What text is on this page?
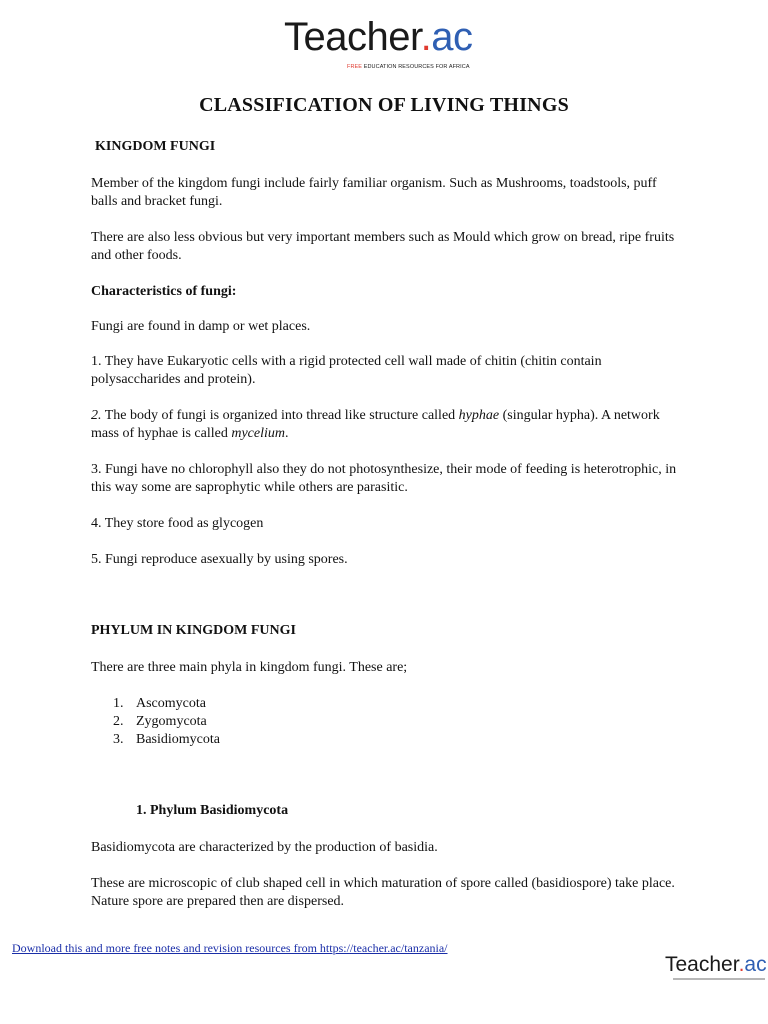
Teacher.ac
FREE EDUCATION RESOURCES FOR AFRICA
CLASSIFICATION OF LIVING THINGS
KINGDOM FUNGI
Member of the kingdom fungi include fairly familiar organism. Such as Mushrooms, toadstools, puff balls and bracket fungi.
There are also less obvious but very important members such as Mould which grow on bread, ripe fruits and other foods.
Characteristics of fungi:
Fungi are found in damp or wet places.
1. They have Eukaryotic cells with a rigid protected cell wall made of chitin (chitin contain polysaccharides and protein).
2. The body of fungi is organized into thread like structure called hyphae (singular hypha). A network mass of hyphae is called mycelium.
3. Fungi have no chlorophyll also they do not photosynthesize, their mode of feeding is heterotrophic, in this way some are saprophytic while others are parasitic.
4. They store food as glycogen
5. Fungi reproduce asexually by using spores.
PHYLUM IN KINGDOM FUNGI
There are three main phyla in kingdom fungi. These are;
1. Ascomycota
2. Zygomycota
3. Basidiomycota
1. Phylum Basidiomycota
Basidiomycota are characterized by the production of basidia.
These are microscopic of club shaped cell in which maturation of spore called (basidiospore) take place. Nature spore are prepared then are dispersed.
Download this and more free notes and revision resources from https://teacher.ac/tanzania/
Teacher.ac
